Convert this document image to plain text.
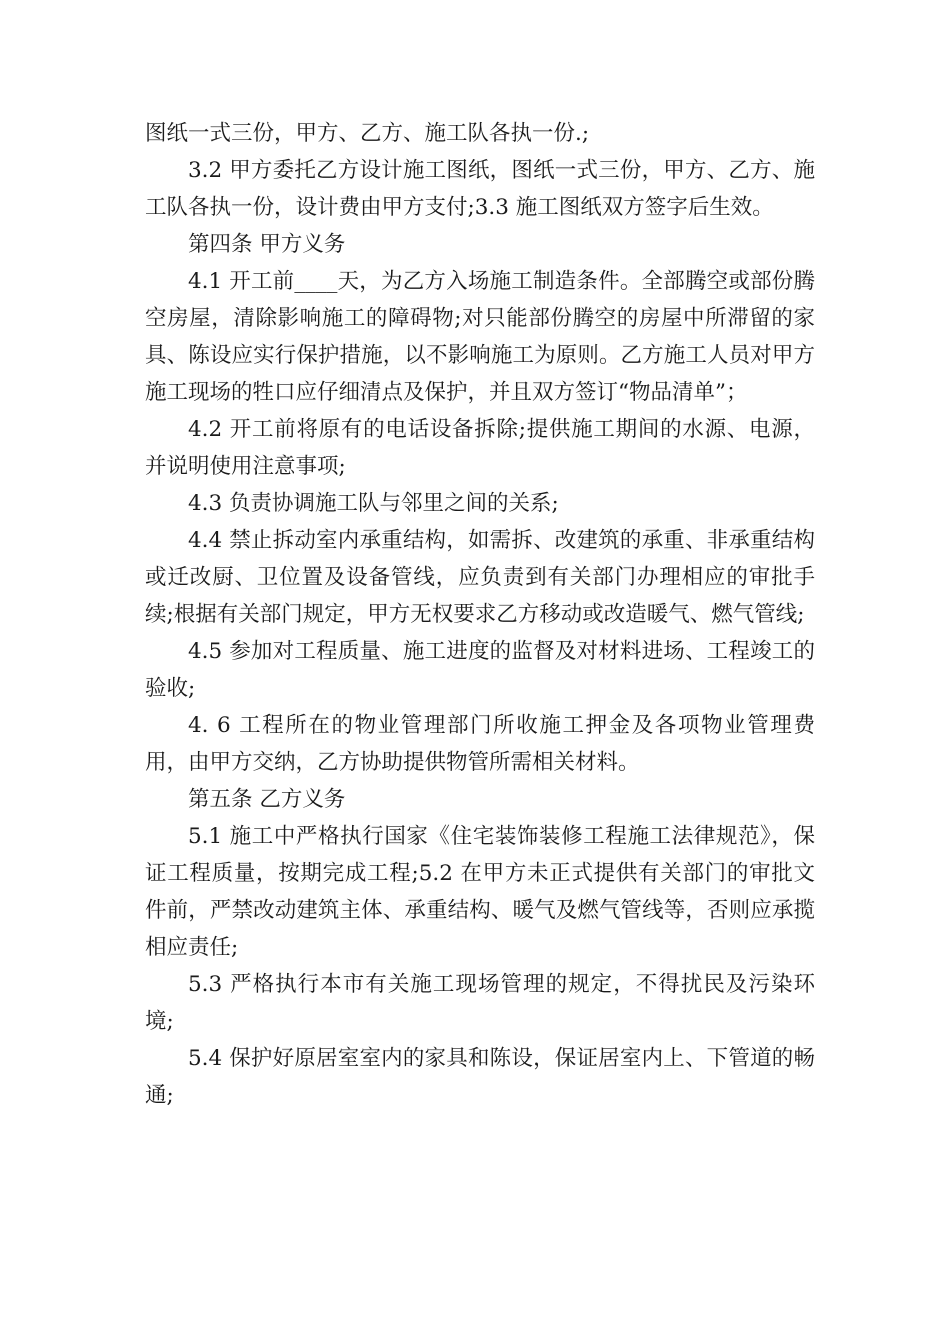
图纸一式三份，甲方、乙方、施工队各执一份.;

3.2 甲方委托乙方设计施工图纸，图纸一式三份，甲方、乙方、施工队各执一份，设计费由甲方支付;3.3 施工图纸双方签字后生效。

第四条 甲方义务

4.1 开工前____天，为乙方入场施工制造条件。全部腾空或部份腾空房屋，清除影响施工的障碍物;对只能部份腾空的房屋中所滞留的家具、陈设应实行保护措施，以不影响施工为原则。乙方施工人员对甲方施工现场的牲口应仔细清点及保护，并且双方签订“物品清单”；

4.2 开工前将原有的电话设备拆除;提供施工期间的水源、电源，并说明使用注意事项;

4.3 负责协调施工队与邻里之间的关系;

4.4 禁止拆动室内承重结构，如需拆、改建筑的承重、非承重结构或迁改厨、卫位置及设备管线，应负责到有关部门办理相应的审批手续;根据有关部门规定，甲方无权要求乙方移动或改造暖气、燃气管线;

4.5 参加对工程质量、施工进度的监督及对材料进场、工程竣工的验收;

4. 6 工程所在的物业管理部门所收施工押金及各项物业管理费用，由甲方交纳，乙方协助提供物管所需相关材料。

第五条 乙方义务

5.1 施工中严格执行国家《住宅装饰装修工程施工法律规范》，保证工程质量，按期完成工程;5.2 在甲方未正式提供有关部门的审批文件前，严禁改动建筑主体、承重结构、暖气及燃气管线等，否则应承揽相应责任;

5.3 严格执行本市有关施工现场管理的规定，不得扰民及污染环境;

5.4 保护好原居室室内的家具和陈设，保证居室内上、下管道的畅通;
